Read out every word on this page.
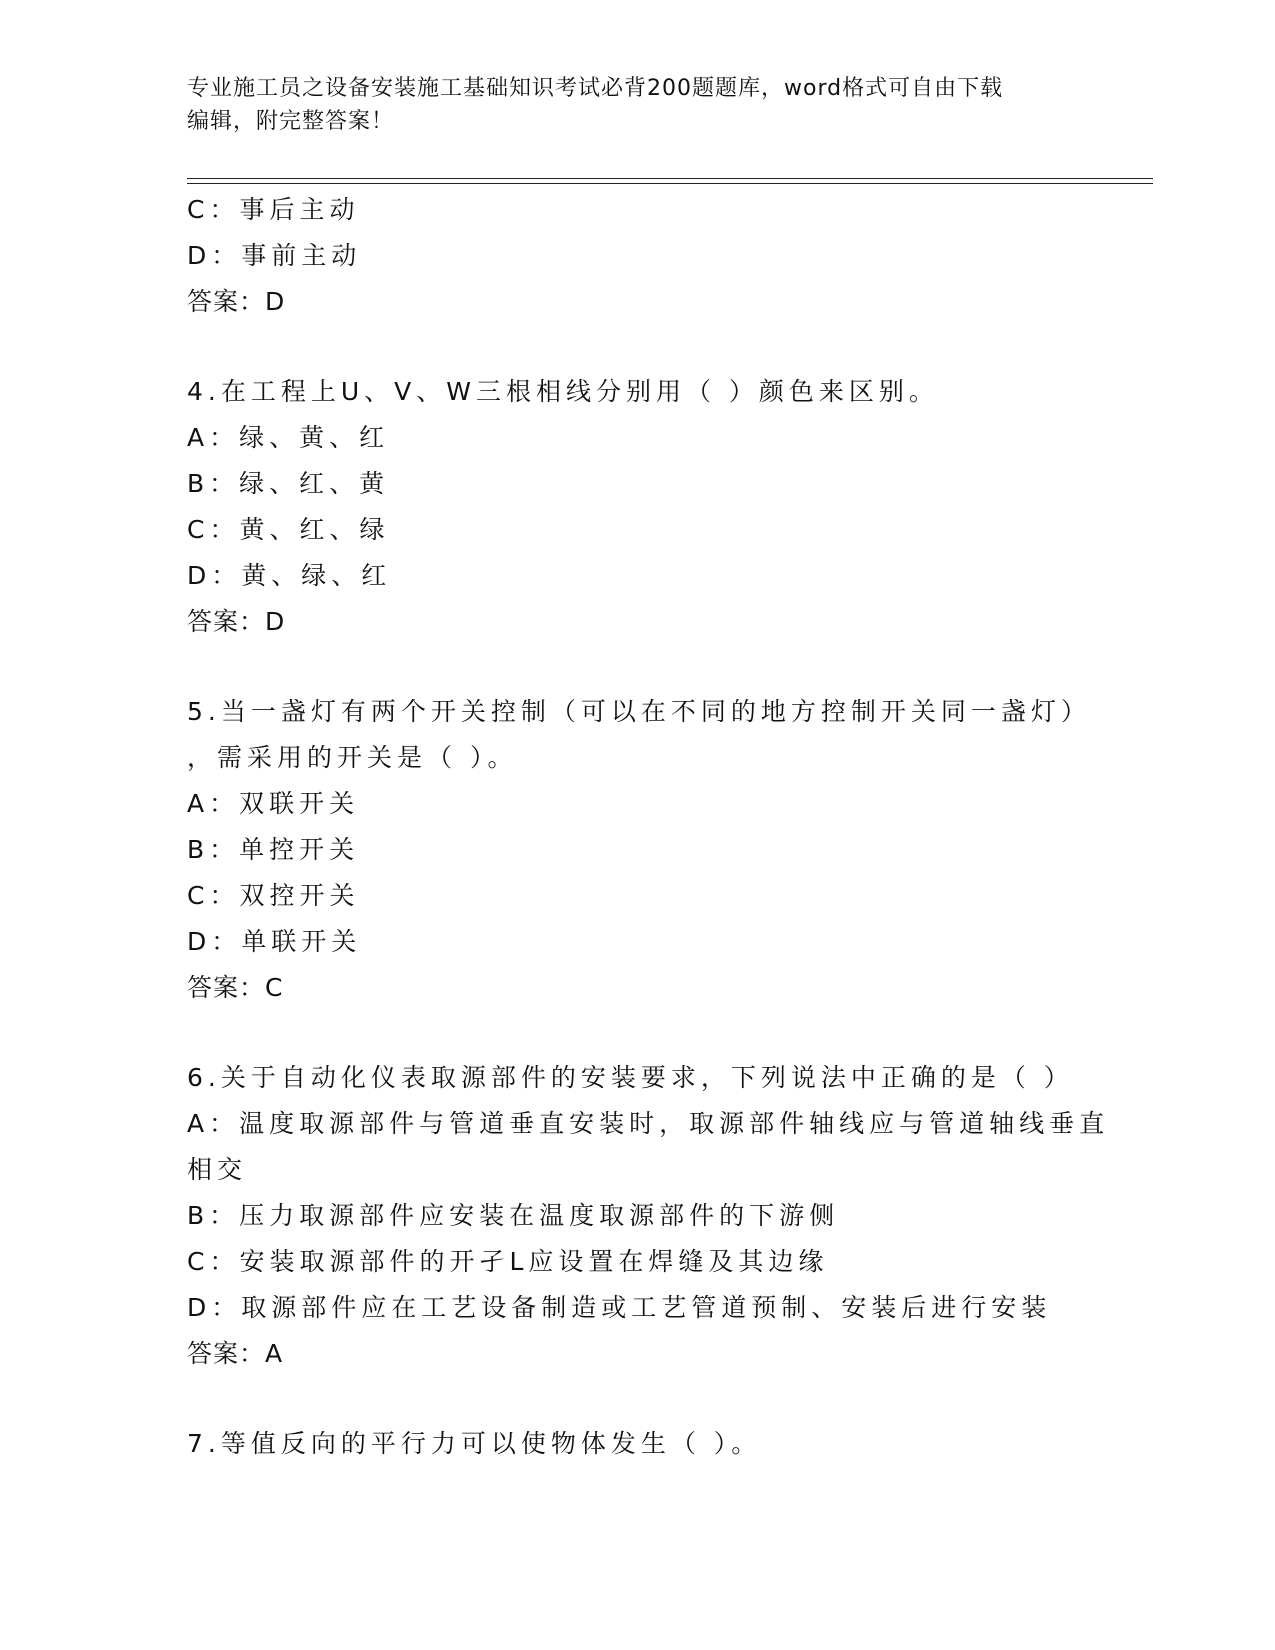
专业施工员之设备安装施工基础知识考试必背200题题库，word格式可自由下载
编辑，附完整答案！
C：事后主动
D：事前主动
答案：D
4.在工程上U、V、W三根相线分别用（ ）颜色来区别。
A：绿、黄、红
B：绿、红、黄
C：黄、红、绿
D：黄、绿、红
答案：D
5.当一盏灯有两个开关控制（可以在不同的地方控制开关同一盏灯）
，需采用的开关是（ ）。
A：双联开关
B：单控开关
C：双控开关
D：单联开关
答案：C
6.关于自动化仪表取源部件的安装要求，下列说法中正确的是（ ）
A：温度取源部件与管道垂直安装时，取源部件轴线应与管道轴线垂直
相交
B：压力取源部件应安装在温度取源部件的下游侧
C：安装取源部件的开孑L应设置在焊缝及其边缘
D：取源部件应在工艺设备制造或工艺管道预制、安装后进行安装
答案：A
7.等值反向的平行力可以使物体发生（ ）。
